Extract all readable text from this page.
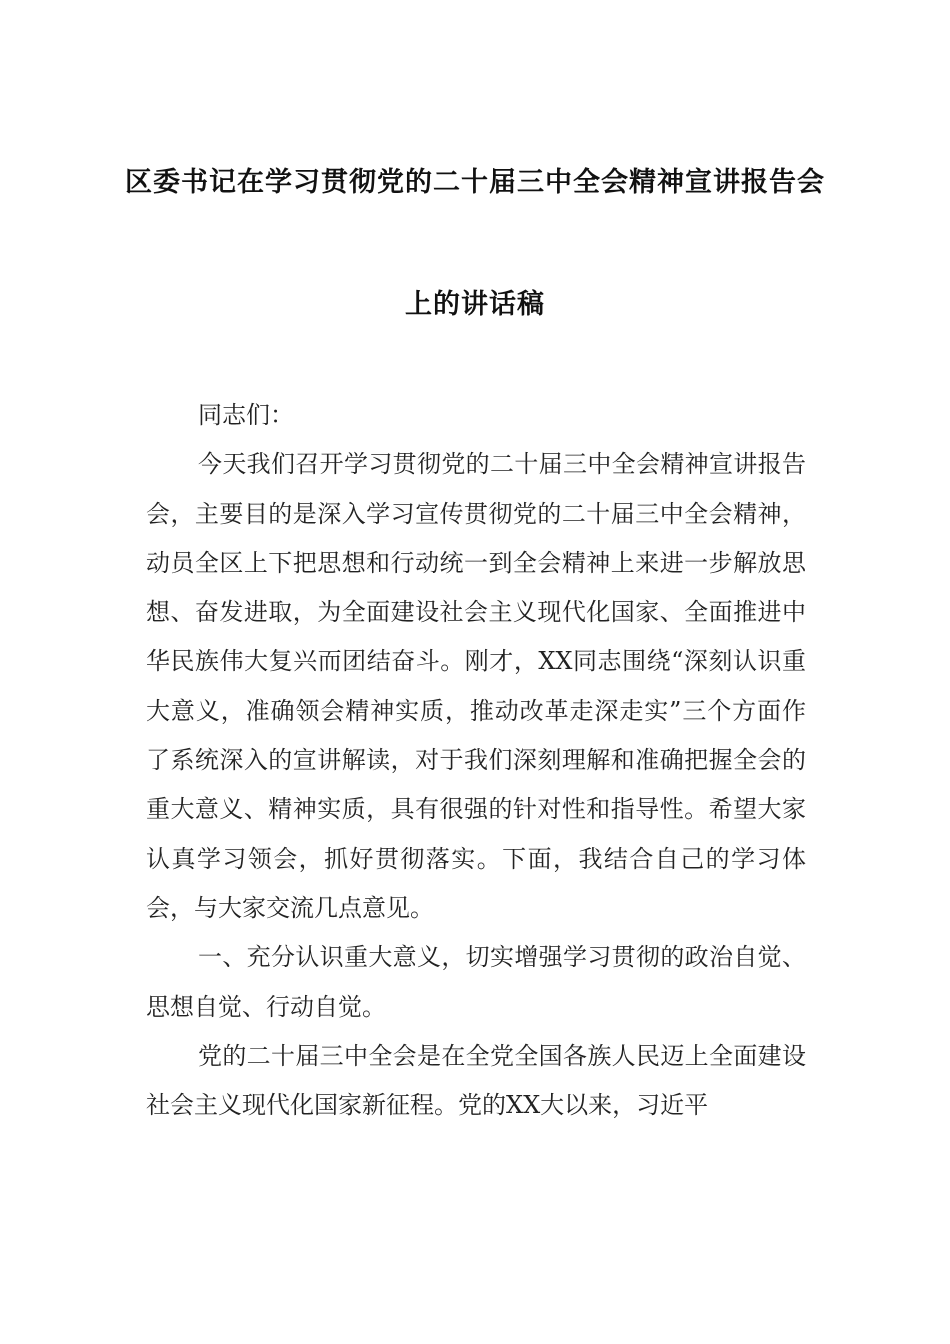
区委书记在学习贯彻党的二十届三中全会精神宣讲报告会
上的讲话稿

同志们：

今天我们召开学习贯彻党的二十届三中全会精神宣讲报告会，主要目的是深入学习宣传贯彻党的二十届三中全会精神，动员全区上下把思想和行动统一到全会精神上来进一步解放思想、奋发进取，为全面建设社会主义现代化国家、全面推进中华民族伟大复兴而团结奋斗。刚才，XX同志围绕“深刻认识重大意义，准确领会精神实质，推动改革走深走实”三个方面作了系统深入的宣讲解读，对于我们深刻理解和准确把握全会的重大意义、精神实质，具有很强的针对性和指导性。希望大家认真学习领会，抓好贯彻落实。下面，我结合自己的学习体会，与大家交流几点意见。

一、充分认识重大意义，切实增强学习贯彻的政治自觉、思想自觉、行动自觉。

党的二十届三中全会是在全党全国各族人民迈上全面建设社会主义现代化国家新征程。党的XX大以来，习近平
